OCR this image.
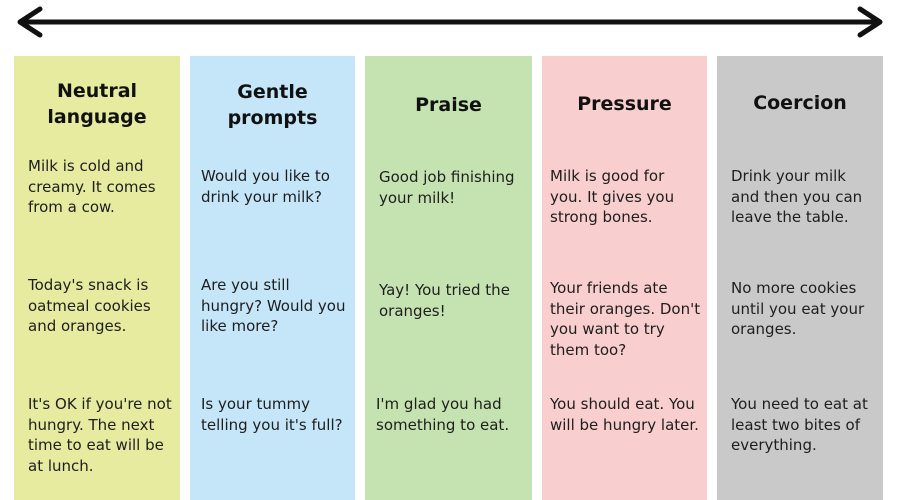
Neutral
language
Milk is cold and creamy. It comes from a cow.
Today's snack is oatmeal cookies and oranges.
It's OK if you're not hungry. The next time to eat will be at lunch.
Gentle
prompts
Would you like to drink your milk?
Are you still hungry? Would you like more?
Is your tummy telling you it's full?
Praise
Good job finishing your milk!
Yay! You tried the oranges!
I'm glad you had something to eat.
Pressure
Milk is good for you. It gives you strong bones.
Your friends ate their oranges. Don't you want to try them too?
You should eat. You will be hungry later.
Coercion
Drink your milk and then you can leave the table.
No more cookies until you eat your oranges.
You need to eat at least two bites of everything.
